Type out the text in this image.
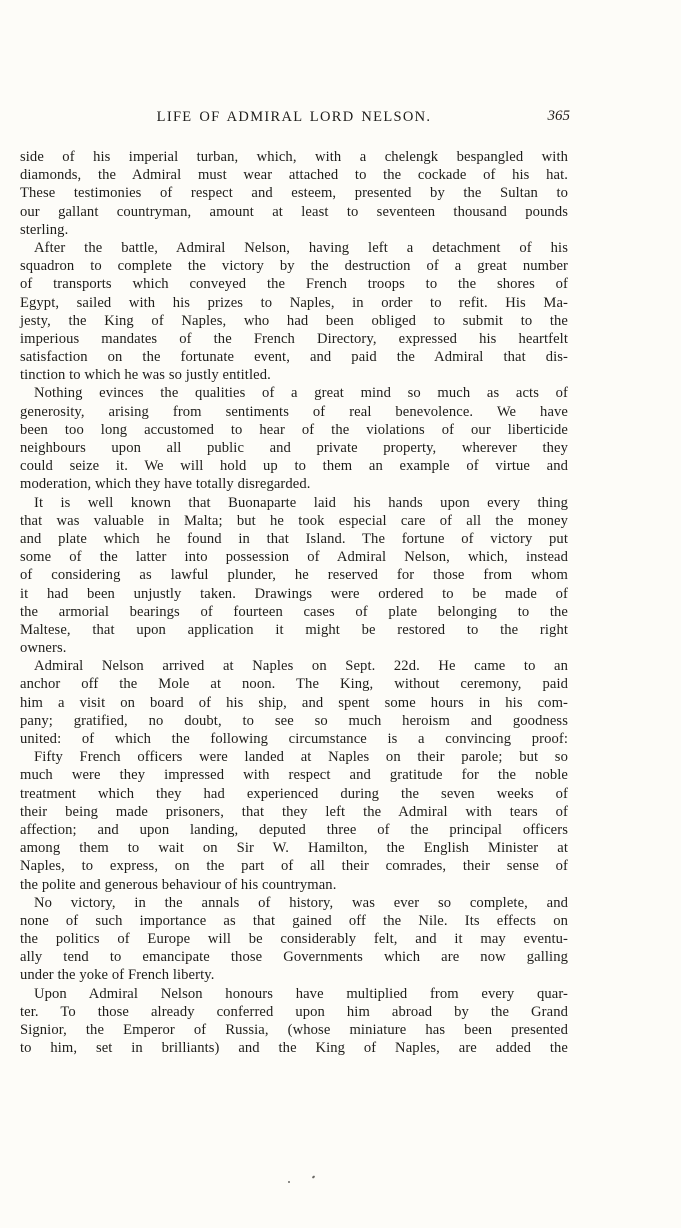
LIFE OF ADMIRAL LORD NELSON.	365
side of his imperial turban, which, with a chelengk bespangled with
diamonds, the Admiral must wear attached to the cockade of his hat.
These testimonies of respect and esteem, presented by the Sultan to
our gallant countryman, amount at least to seventeen thousand pounds
sterling.
After the battle, Admiral Nelson, having left a detachment of his
squadron to complete the victory by the destruction of a great number
of transports which conveyed the French troops to the shores of
Egypt, sailed with his prizes to Naples, in order to refit. His Ma-
jesty, the King of Naples, who had been obliged to submit to the
imperious mandates of the French Directory, expressed his heartfelt
satisfaction on the fortunate event, and paid the Admiral that dis-
tinction to which he was so justly entitled.
Nothing evinces the qualities of a great mind so much as acts of
generosity, arising from sentiments of real benevolence. We have
been too long accustomed to hear of the violations of our liberticide
neighbours upon all public and private property, wherever they
could seize it. We will hold up to them an example of virtue and
moderation, which they have totally disregarded.
It is well known that Buonaparte laid his hands upon every thing
that was valuable in Malta; but he took especial care of all the money
and plate which he found in that Island. The fortune of victory put
some of the latter into possession of Admiral Nelson, which, instead
of considering as lawful plunder, he reserved for those from whom
it had been unjustly taken. Drawings were ordered to be made of
the armorial bearings of fourteen cases of plate belonging to the
Maltese, that upon application it might be restored to the right
owners.
Admiral Nelson arrived at Naples on Sept. 22d. He came to an
anchor off the Mole at noon. The King, without ceremony, paid
him a visit on board of his ship, and spent some hours in his com-
pany; gratified, no doubt, to see so much heroism and goodness
united: of which the following circumstance is a convincing proof:
Fifty French officers were landed at Naples on their parole; but so
much were they impressed with respect and gratitude for the noble
treatment which they had experienced during the seven weeks of
their being made prisoners, that they left the Admiral with tears of
affection; and upon landing, deputed three of the principal officers
among them to wait on Sir W. Hamilton, the English Minister at
Naples, to express, on the part of all their comrades, their sense of
the polite and generous behaviour of his countryman.
No victory, in the annals of history, was ever so complete, and
none of such importance as that gained off the Nile. Its effects on
the politics of Europe will be considerably felt, and it may eventu-
ally tend to emancipate those Governments which are now galling
under the yoke of French liberty.
Upon Admiral Nelson honours have multiplied from every quar-
ter. To those already conferred upon him abroad by the Grand
Signior, the Emperor of Russia, (whose miniature has been presented
to him, set in brilliants) and the King of Naples, are added the
